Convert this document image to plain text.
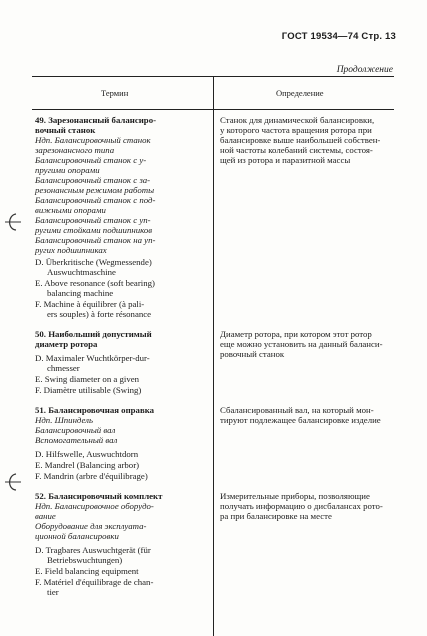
ГОСТ 19534—74 Стр. 13
Продолжение
Термин	Определение
49. Зарезонансный балансиро-
вочный станок
Ндп. Балансировочный станок
зарезонансного типа
Балансировочный станок с у-
пругими опорами
Балансировочный станок с за-
резонансным режимом работы
Балансировочный станок с под-
вижными опорами
Балансировочный станок с уп-
ругими стойками подшипников
Балансировочный станок на уп-
ругих подшипниках
D. Überkritische (Wegmessende)
Auswuchtmaschine
E. Above resonance (soft bearing)
balancing machine
F. Machine à équilibrer (à pali-
ers souples) à forte résonance
Станок для динамической балансировки,
у которого частота вращения ротора при
балансировке выше наибольшей собствен-
ной частоты колебаний системы, состоя-
щей из ротора и паразитной массы
50. Наибольший допустимый
диаметр ротора
D. Maximaler Wuchtkörper-dur-
chmesser
E. Swing diameter on a given
F. Diamètre utilisable (Swing)
Диаметр ротора, при котором этот ротор
еще можно установить на данный баланси-
ровочный станок
51. Балансировочная оправка
Ндп. Шпиндель
Балансировочный вал
Вспомогательный вал
D. Hilfswelle, Auswuchtdorn
E. Mandrel (Balancing arbor)
F. Mandrin (arbre d'équilibrage)
Сбалансированный вал, на который мон-
тируют подлежащее балансировке изделие
52. Балансировочный комплект
Ндп. Балансировочное оборудо-
вание
Оборудование для эксплуата-
ционной балансировки
D. Tragbares Auswuchtgerät (für
Betriebswuchtungen)
E. Field balancing equipment
F. Matériel d'équilibrage de chan-
tier
Измерительные приборы, позволяющие
получать информацию о дисбалансах рото-
ра при балансировке на месте
